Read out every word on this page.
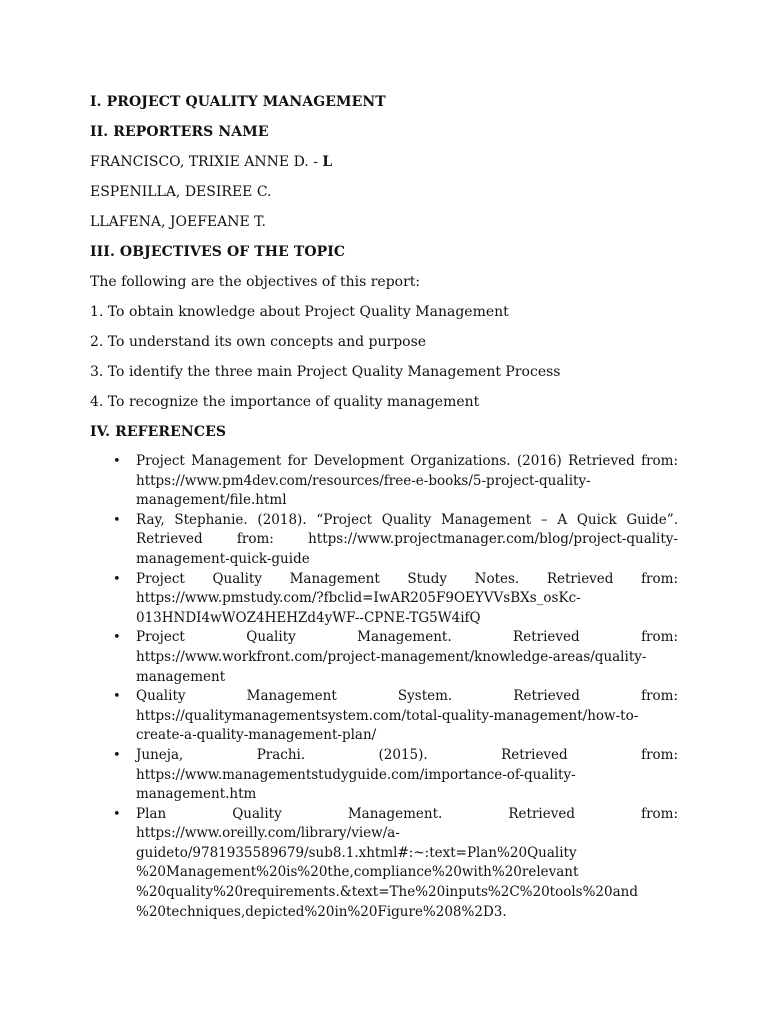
I. PROJECT QUALITY MANAGEMENT
II. REPORTERS NAME
FRANCISCO, TRIXIE ANNE D. - L
ESPENILLA, DESIREE C.
LLAFENA, JOEFEANE T.
III. OBJECTIVES OF THE TOPIC
The following are the objectives of this report:
1. To obtain knowledge about Project Quality Management
2. To understand its own concepts and purpose
3. To identify the three main Project Quality Management Process
4. To recognize the importance of quality management
IV. REFERENCES
• Project Management for Development Organizations. (2016) Retrieved from: https://www.pm4dev.com/resources/free-e-books/5-project-quality-management/file.html
• Ray, Stephanie. (2018). “Project Quality Management – A Quick Guide”. Retrieved from: https://www.projectmanager.com/blog/project-quality-management-quick-guide
• Project Quality Management Study Notes. Retrieved from: https://www.pmstudy.com/?fbclid=IwAR205F9OEYVVsBXs_osKc-013HNDI4wWOZ4HEHZd4yWF--CPNE-TG5W4ifQ
• Project Quality Management. Retrieved from: https://www.workfront.com/project-management/knowledge-areas/quality-management
• Quality Management System. Retrieved from: https://qualitymanagementsystem.com/total-quality-management/how-to-create-a-quality-management-plan/
• Juneja, Prachi. (2015). Retrieved from: https://www.managementstudyguide.com/importance-of-quality-management.htm
• Plan Quality Management. Retrieved from: https://www.oreilly.com/library/view/a-guideto/9781935589679/sub8.1.xhtml#:~:text=Plan%20Quality %20Management%20is%20the,compliance%20with%20relevant %20quality%20requirements.&text=The%20inputs%2C%20tools%20and %20techniques,depicted%20in%20Figure%208%2D3.
